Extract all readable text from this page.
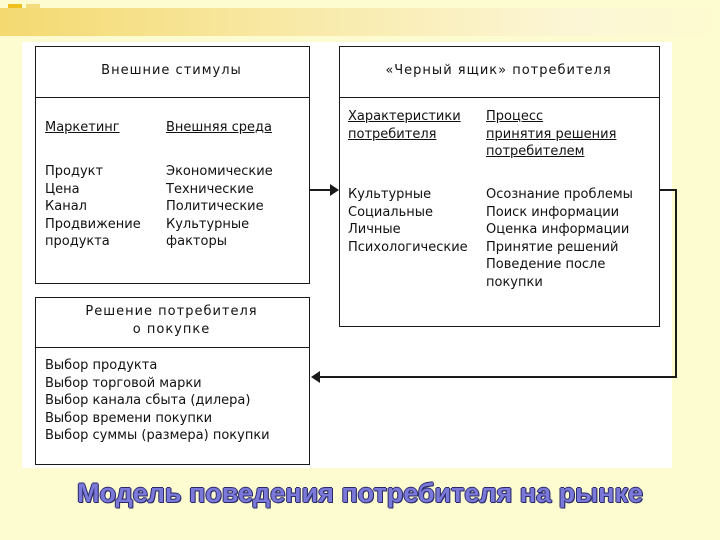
Внешние стимулы
Маркетинг	Внешняя среда
Продукт
Цена
Канал
Продвижение
продукта
Экономические
Технические
Политические
Культурные
факторы
«Черный ящик» потребителя
Характеристики
потребителя
Процесс
принятия решения
потребителем
Культурные
Социальные
Личные
Психологические
Осознание проблемы
Поиск информации
Оценка информации
Принятие решений
Поведение после
покупки
Решение потребителя
о покупке
Выбор продукта
Выбор торговой марки
Выбор канала сбыта (дилера)
Выбор времени покупки
Выбор суммы (размера) покупки
Модель поведения потребителя на рынке
